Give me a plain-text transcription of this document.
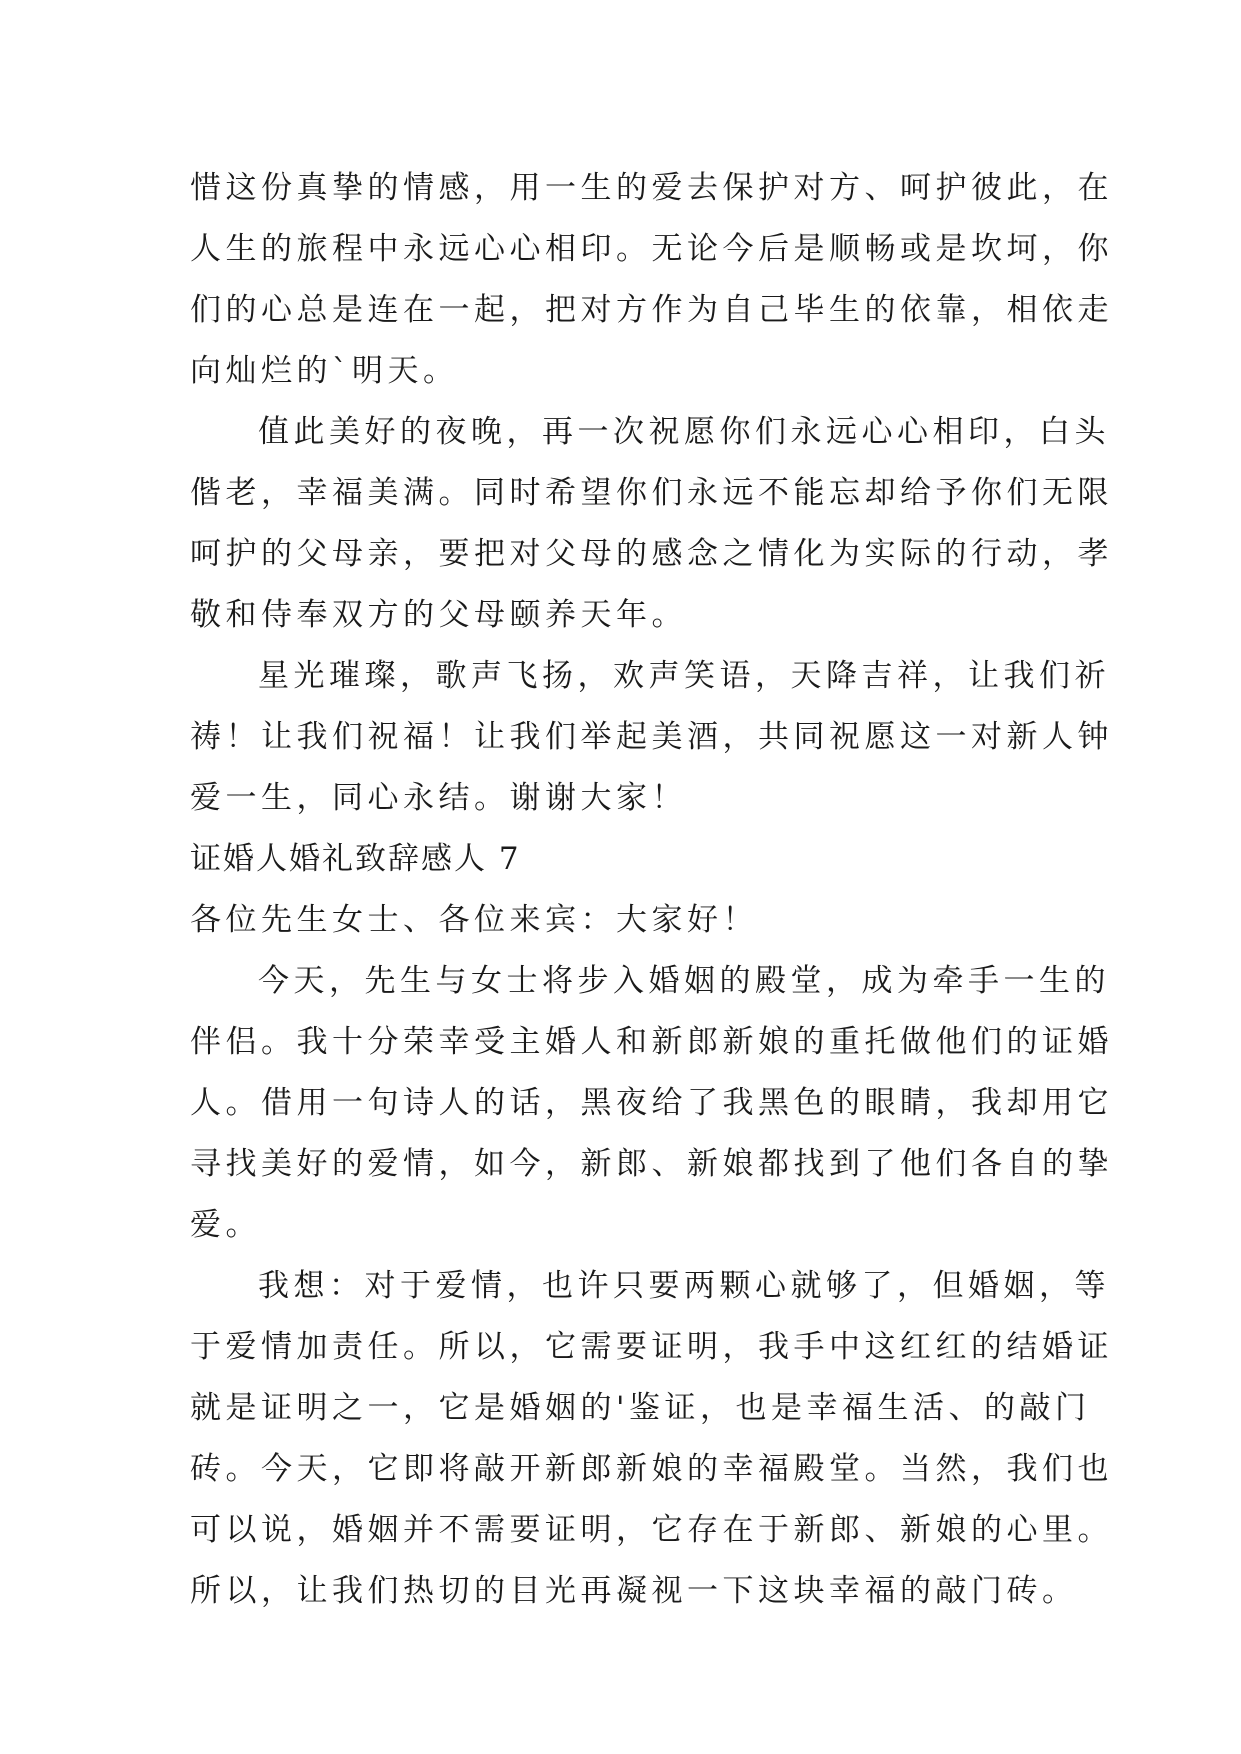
惜这份真挚的情感，用一生的爱去保护对方、呵护彼此，在
人生的旅程中永远心心相印。无论今后是顺畅或是坎坷，你
们的心总是连在一起，把对方作为自己毕生的依靠，相依走
向灿烂的`明天。
值此美好的夜晚，再一次祝愿你们永远心心相印，白头
偕老，幸福美满。同时希望你们永远不能忘却给予你们无限
呵护的父母亲，要把对父母的感念之情化为实际的行动，孝
敬和侍奉双方的父母颐养天年。
星光璀璨，歌声飞扬，欢声笑语，天降吉祥，让我们祈
祷！让我们祝福！让我们举起美酒，共同祝愿这一对新人钟
爱一生，同心永结。谢谢大家！
证婚人婚礼致辞感人 7
各位先生女士、各位来宾：大家好！
今天，先生与女士将步入婚姻的殿堂，成为牵手一生的
伴侣。我十分荣幸受主婚人和新郎新娘的重托做他们的证婚
人。借用一句诗人的话，黑夜给了我黑色的眼睛，我却用它
寻找美好的爱情，如今，新郎、新娘都找到了他们各自的挚
爱。
我想：对于爱情，也许只要两颗心就够了，但婚姻，等
于爱情加责任。所以，它需要证明，我手中这红红的结婚证
就是证明之一，它是婚姻的'鉴证，也是幸福生活、的敲门
砖。今天，它即将敲开新郎新娘的幸福殿堂。当然，我们也
可以说，婚姻并不需要证明，它存在于新郎、新娘的心里。
所以，让我们热切的目光再凝视一下这块幸福的敲门砖。
